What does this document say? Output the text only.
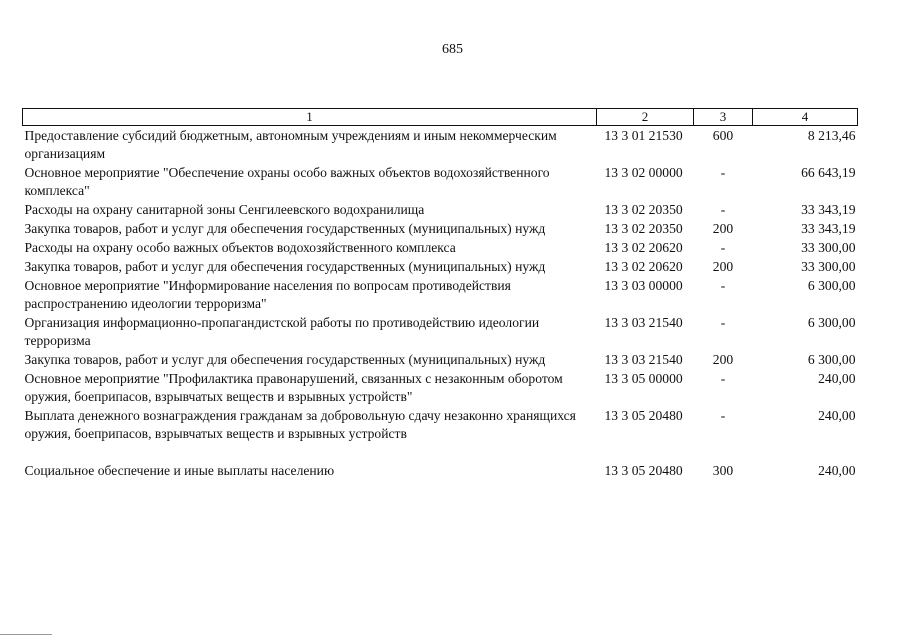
685
1	2	3	4
Предоставление субсидий бюджетным, автономным учреждениям и иным некоммерческим организациям	13 3 01 21530	600	8 213,46
Основное мероприятие "Обеспечение охраны особо важных объектов водохозяйственного комплекса"	13 3 02 00000	-	66 643,19
Расходы на охрану санитарной зоны Сенгилеевского водохранилища	13 3 02 20350	-	33 343,19
Закупка товаров, работ и услуг для обеспечения государственных (муниципальных) нужд	13 3 02 20350	200	33 343,19
Расходы на охрану особо важных объектов водохозяйственного комплекса	13 3 02 20620	-	33 300,00
Закупка товаров, работ и услуг для обеспечения государственных (муниципальных) нужд	13 3 02 20620	200	33 300,00
Основное мероприятие "Информирование населения по вопросам противодействия распространению идеологии терроризма"	13 3 03 00000	-	6 300,00
Организация информационно-пропагандистской работы по противодействию идеологии терроризма	13 3 03 21540	-	6 300,00
Закупка товаров, работ и услуг для обеспечения государственных (муниципальных) нужд	13 3 03 21540	200	6 300,00
Основное мероприятие "Профилактика правонарушений, связанных с незаконным оборотом оружия, боеприпасов, взрывчатых веществ и взрывных устройств"	13 3 05 00000	-	240,00
Выплата денежного вознаграждения гражданам за добровольную сдачу незаконно хранящихся оружия, боеприпасов, взрывчатых веществ и взрывных устройств	13 3 05 20480	-	240,00

Социальное обеспечение и иные выплаты населению	13 3 05 20480	300	240,00
